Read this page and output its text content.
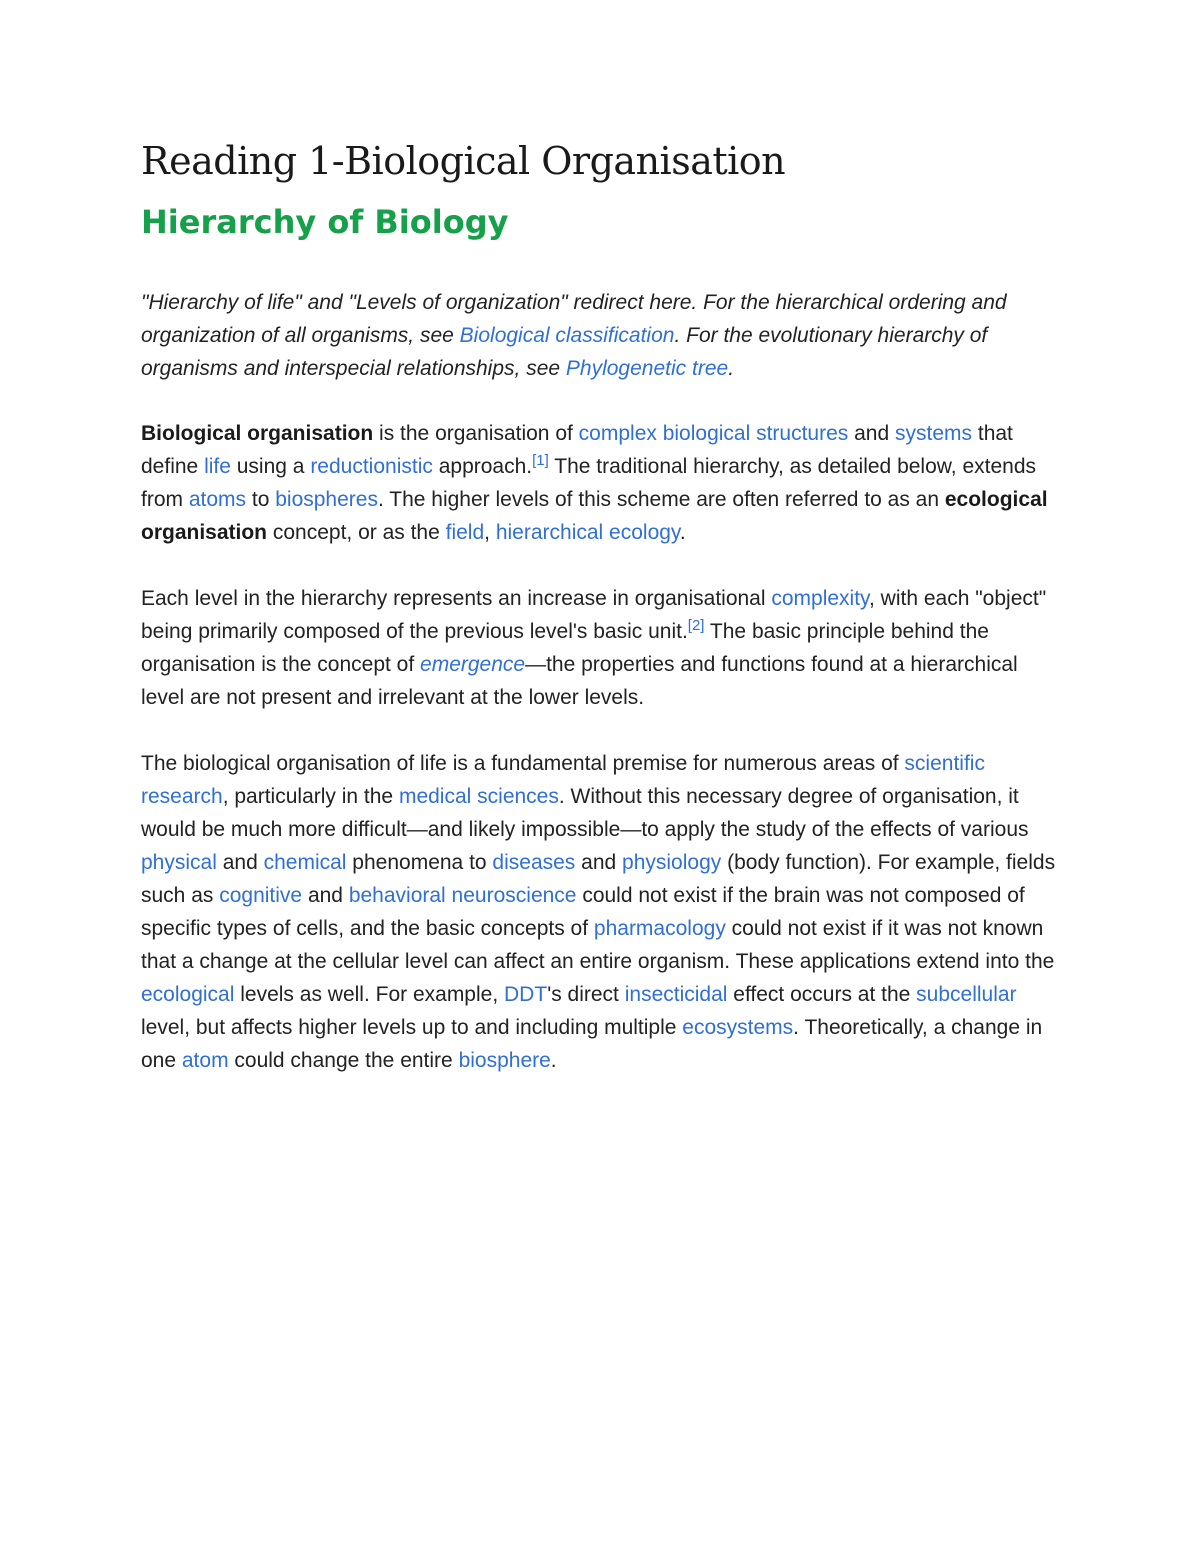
Reading 1-Biological Organisation
Hierarchy of Biology

"Hierarchy of life" and "Levels of organization" redirect here. For the hierarchical ordering and organization of all organisms, see Biological classification. For the evolutionary hierarchy of organisms and interspecial relationships, see Phylogenetic tree.

Biological organisation is the organisation of complex biological structures and systems that define life using a reductionistic approach.[1] The traditional hierarchy, as detailed below, extends from atoms to biospheres. The higher levels of this scheme are often referred to as an ecological organisation concept, or as the field, hierarchical ecology.

Each level in the hierarchy represents an increase in organisational complexity, with each "object" being primarily composed of the previous level's basic unit.[2] The basic principle behind the organisation is the concept of emergence—the properties and functions found at a hierarchical level are not present and irrelevant at the lower levels.

The biological organisation of life is a fundamental premise for numerous areas of scientific research, particularly in the medical sciences. Without this necessary degree of organisation, it would be much more difficult—and likely impossible—to apply the study of the effects of various physical and chemical phenomena to diseases and physiology (body function). For example, fields such as cognitive and behavioral neuroscience could not exist if the brain was not composed of specific types of cells, and the basic concepts of pharmacology could not exist if it was not known that a change at the cellular level can affect an entire organism. These applications extend into the ecological levels as well. For example, DDT's direct insecticidal effect occurs at the subcellular level, but affects higher levels up to and including multiple ecosystems. Theoretically, a change in one atom could change the entire biosphere.
